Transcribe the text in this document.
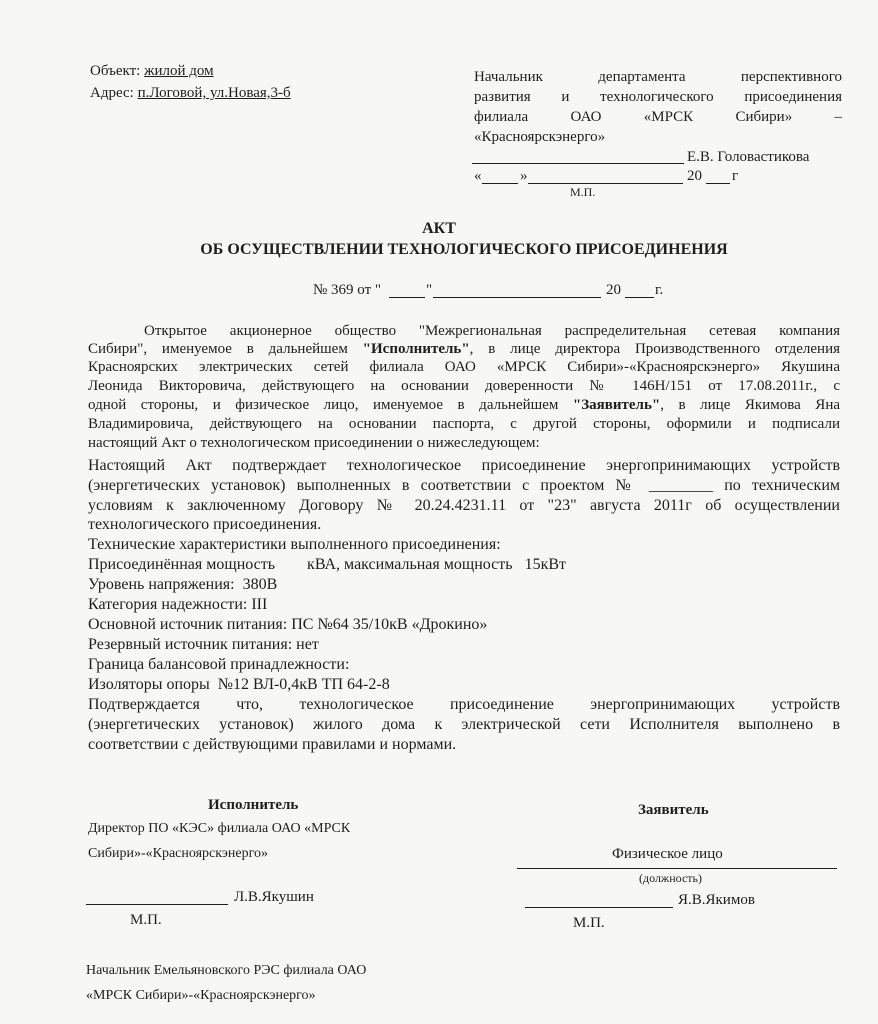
Объект: жилой дом
Адрес: п.Логовой, ул.Новая,3-б
Начальник департамента перспективного
развития и технологического присоединения
филиала ОАО «МРСК Сибири» –
«Красноярскэнерго»
Е.В. Головастикова
«	»	20 г
М.П.
АКТ
ОБ ОСУЩЕСТВЛЕНИИ ТЕХНОЛОГИЧЕСКОГО ПРИСОЕДИНЕНИЯ
№ 369 от "	"	20 г.
Открытое акционерное общество "Межрегиональная распределительная сетевая компания
Сибири", именуемое в дальнейшем "Исполнитель", в лице директора Производственного отделения
Красноярских электрических сетей филиала ОАО «МРСК Сибири»-«Красноярскэнерго» Якушина
Леонида Викторовича, действующего на основании доверенности № 146Н/151 от 17.08.2011г., с
одной стороны, и физическое лицо, именуемое в дальнейшем "Заявитель", в лице Якимова Яна
Владимировича, действующего на основании паспорта, с другой стороны, оформили и подписали
настоящий Акт о технологическом присоединении о нижеследующем:
Настоящий Акт подтверждает технологическое присоединение энергопринимающих устройств
(энергетических установок) выполненных в соответствии с проектом № ________ по техническим
условиям к заключенному Договору № 20.24.4231.11 от "23" августа 2011г об осуществлении
технологического присоединения.
Технические характеристики выполненного присоединения:
Присоединённая мощность        кВА, максимальная мощность   15кВт
Уровень напряжения:  380В
Категория надежности: III
Основной источник питания: ПС №64 35/10кВ «Дрокино»
Резервный источник питания: нет
Граница балансовой принадлежности:
Изоляторы опоры  №12 ВЛ-0,4кВ ТП 64-2-8
Подтверждается что, технологическое присоединение энергопринимающих устройств
(энергетических установок) жилого дома к электрической сети Исполнителя выполнено в
соответствии с действующими правилами и нормами.
Исполнитель
Директор ПО «КЭС» филиала ОАО «МРСК
Сибири»-«Красноярскэнерго»
Л.В.Якушин
М.П.
Заявитель
Физическое лицо
(должность)
Я.В.Якимов
М.П.
Начальник Емельяновского РЭС филиала ОАО
«МРСК Сибири»-«Красноярскэнерго»
